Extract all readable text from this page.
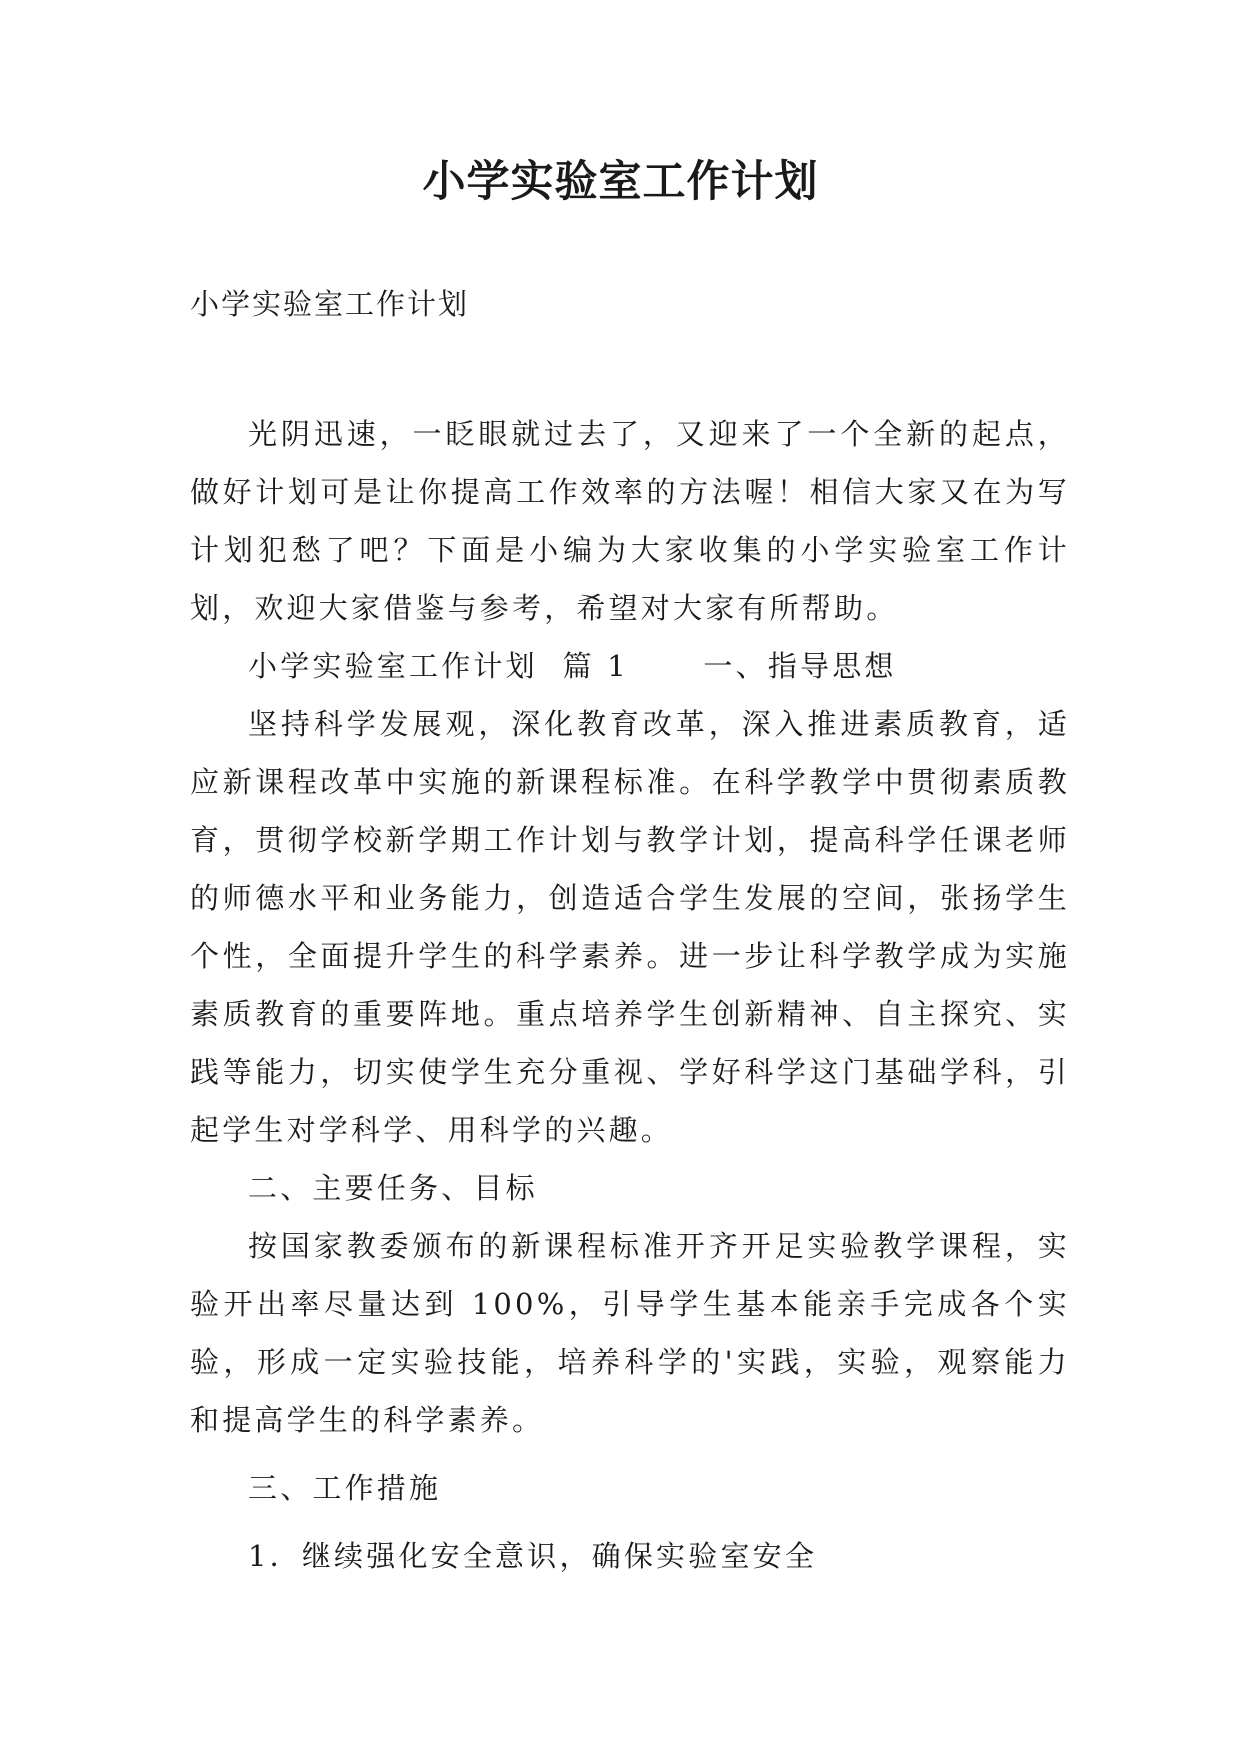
小学实验室工作计划
小学实验室工作计划

光阴迅速，一眨眼就过去了，又迎来了一个全新的起点，做好计划可是让你提高工作效率的方法喔！相信大家又在为写计划犯愁了吧？下面是小编为大家收集的小学实验室工作计划，欢迎大家借鉴与参考，希望对大家有所帮助。

小学实验室工作计划  篇 1      一、指导思想

坚持科学发展观，深化教育改革，深入推进素质教育，适应新课程改革中实施的新课程标准。在科学教学中贯彻素质教育，贯彻学校新学期工作计划与教学计划，提高科学任课老师的师德水平和业务能力，创造适合学生发展的空间，张扬学生个性，全面提升学生的科学素养。进一步让科学教学成为实施素质教育的重要阵地。重点培养学生创新精神、自主探究、实践等能力，切实使学生充分重视、学好科学这门基础学科，引起学生对学科学、用科学的兴趣。

二、主要任务、目标

按国家教委颁布的新课程标准开齐开足实验教学课程，实验开出率尽量达到 100%，引导学生基本能亲手完成各个实验，形成一定实验技能，培养科学的'实践，实验，观察能力和提高学生的科学素养。

三、工作措施

1．继续强化安全意识，确保实验室安全
